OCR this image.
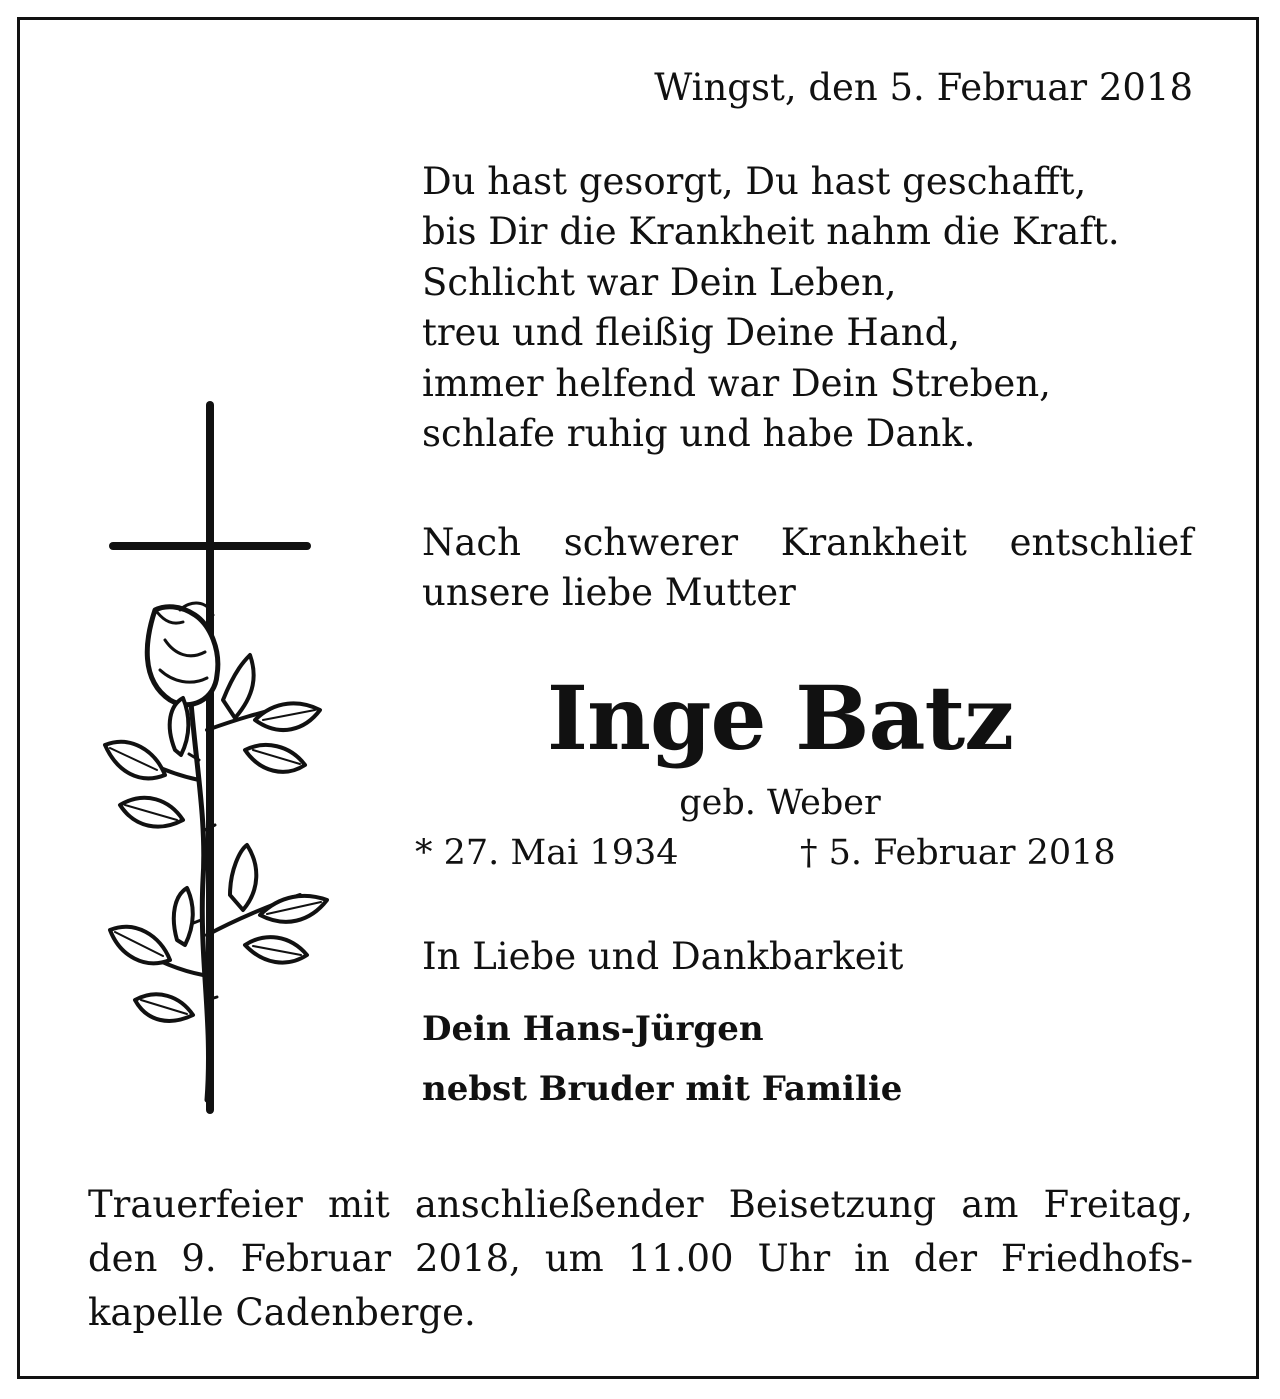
Wingst, den 5. Februar 2018
Du hast gesorgt, Du hast geschafft,
bis Dir die Krankheit nahm die Kraft.
Schlicht war Dein Leben,
treu und fleißig Deine Hand,
immer helfend war Dein Streben,
schlafe ruhig und habe Dank.
Nach schwerer Krankheit entschlief unsere liebe Mutter
Inge Batz
geb. Weber
* 27. Mai 1934	† 5. Februar 2018
In Liebe und Dankbarkeit
Dein Hans-Jürgen
nebst Bruder mit Familie
Trauerfeier mit anschließender Beisetzung am Freitag, den 9. Februar 2018, um 11.00 Uhr in der Friedhofs-kapelle Cadenberge.
